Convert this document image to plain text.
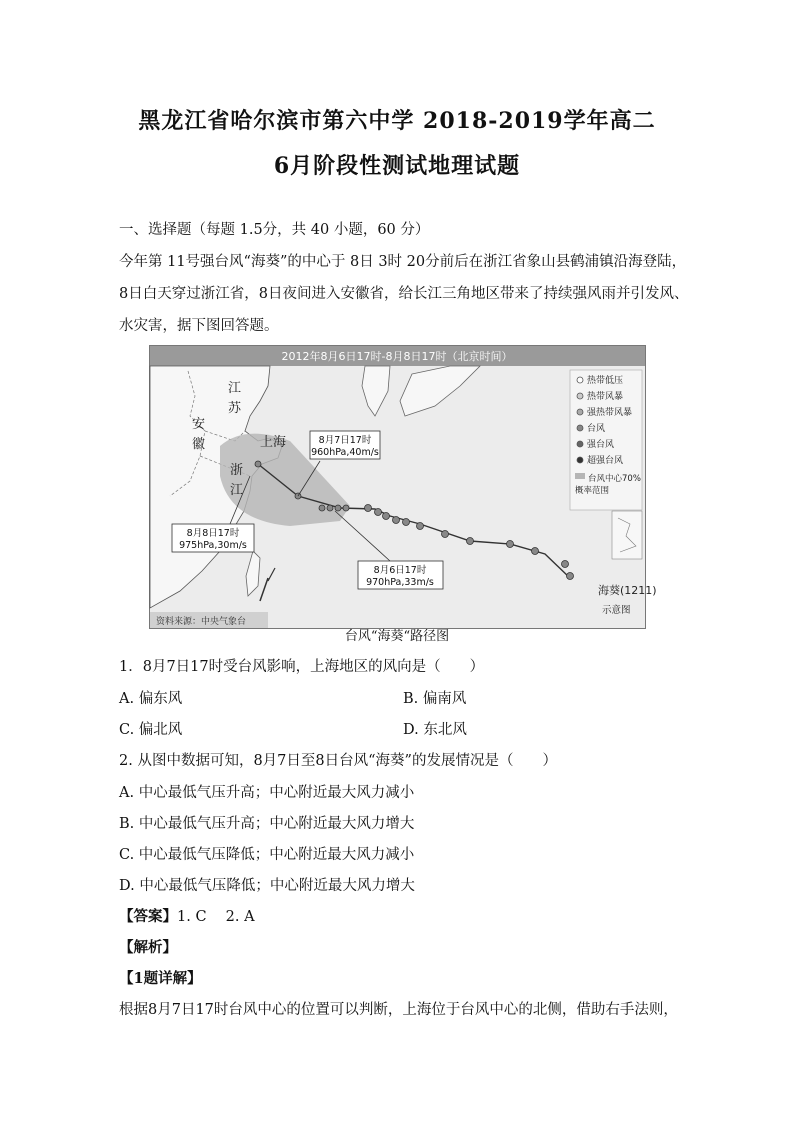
黑龙江省哈尔滨市第六中学 2018-2019学年高二
6月阶段性测试地理试题
一、选择题（每题 1.5分，共 40 小题，60 分）
今年第 11号强台风“海葵”的中心于 8日 3时 20分前后在浙江省象山县鹤浦镇沿海登陆，
8日白天穿过浙江省，8日夜间进入安徽省，给长江三角地区带来了持续强风雨并引发风、
水灾害，据下图回答题。
2012年8月6日17时-8月8日17时（北京时间）
江
苏
安
徽	上海
浙
江
8月7日17时
960hPa,40m/s
8月8日17时
975hPa,30m/s
8月6日17时
970hPa,33m/s
热带低压
热带风暴
强热带风暴
台风
强台风
超强台风
台风中心70%
概率范围
海葵(1211)
示意图
资料来源：中央气象台
台风“海葵“路径图
1．8月7日17时受台风影响，上海地区的风向是（　　）
A. 偏东风	B. 偏南风
C. 偏北风	D. 东北风
2. 从图中数据可知，8月7日至8日台风“海葵”的发展情况是（　　）
A. 中心最低气压升高；中心附近最大风力减小
B. 中心最低气压升高；中心附近最大风力增大
C. 中心最低气压降低；中心附近最大风力减小
D. 中心最低气压降低；中心附近最大风力增大
【答案】1. C　 2. A
【解析】
【1题详解】
根据8月7日17时台风中心的位置可以判断，上海位于台风中心的北侧，借助右手法则，
